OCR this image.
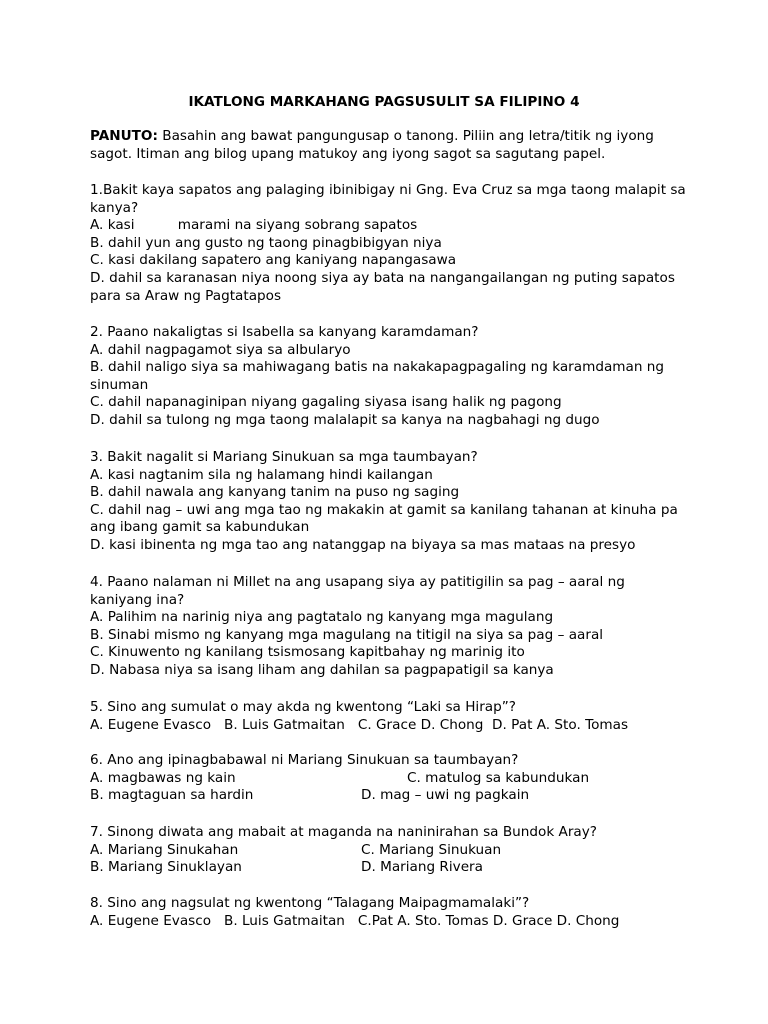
IKATLONG MARKAHANG PAGSUSULIT SA FILIPINO 4
PANUTO: Basahin ang bawat pangungusap o tanong. Piliin ang letra/titik ng iyong sagot. Itiman ang bilog upang matukoy ang iyong sagot sa sagutang papel.
1.Bakit kaya sapatos ang palaging ibinibigay ni Gng. Eva Cruz sa mga taong malapit sa kanya?
A. kasi          marami na siyang sobrang sapatos
B. dahil yun ang gusto ng taong pinagbibigyan niya
C. kasi dakilang sapatero ang kaniyang napangasawa
D. dahil sa karanasan niya noong siya ay bata na nangangailangan ng puting sapatos para sa Araw ng Pagtatapos
2. Paano nakaligtas si Isabella sa kanyang karamdaman?
A. dahil nagpagamot siya sa albularyo
B. dahil naligo siya sa mahiwagang batis na nakakapagpagaling ng karamdaman ng sinuman
C. dahil napanaginipan niyang gagaling siyasa isang halik ng pagong
D. dahil sa tulong ng mga taong malalapit sa kanya na nagbahagi ng dugo
3. Bakit nagalit si Mariang Sinukuan sa mga taumbayan?
A. kasi nagtanim sila ng halamang hindi kailangan
B. dahil nawala ang kanyang tanim na puso ng saging
C. dahil nag – uwi ang mga tao ng makakin at gamit sa kanilang tahanan at kinuha pa ang ibang gamit sa kabundukan
D. kasi ibinenta ng mga tao ang natanggap na biyaya sa mas mataas na presyo
4. Paano nalaman ni Millet na ang usapang siya ay patitigilin sa pag – aaral ng kaniyang ina?
A. Palihim na narinig niya ang pagtatalo ng kanyang mga magulang
B. Sinabi mismo ng kanyang mga magulang na titigil na siya sa pag – aaral
C. Kinuwento ng kanilang tsismosang kapitbahay ng marinig ito
D. Nabasa niya sa isang liham ang dahilan sa pagpapatigil sa kanya
5. Sino ang sumulat o may akda ng kwentong “Laki sa Hirap”?
A. Eugene Evasco   B. Luis Gatmaitan   C. Grace D. Chong  D. Pat A. Sto. Tomas
6. Ano ang ipinagbabawal ni Mariang Sinukuan sa taumbayan?
A. magbawas ng kain	C. matulog sa kabundukan
B. magtaguan sa hardin	D. mag – uwi ng pagkain
7. Sinong diwata ang mabait at maganda na naninirahan sa Bundok Aray?
A. Mariang Sinukahan	C. Mariang Sinukuan
B. Mariang Sinuklayan	D. Mariang Rivera
8. Sino ang nagsulat ng kwentong “Talagang Maipagmamalaki”?
A. Eugene Evasco   B. Luis Gatmaitan   C.Pat A. Sto. Tomas D. Grace D. Chong
